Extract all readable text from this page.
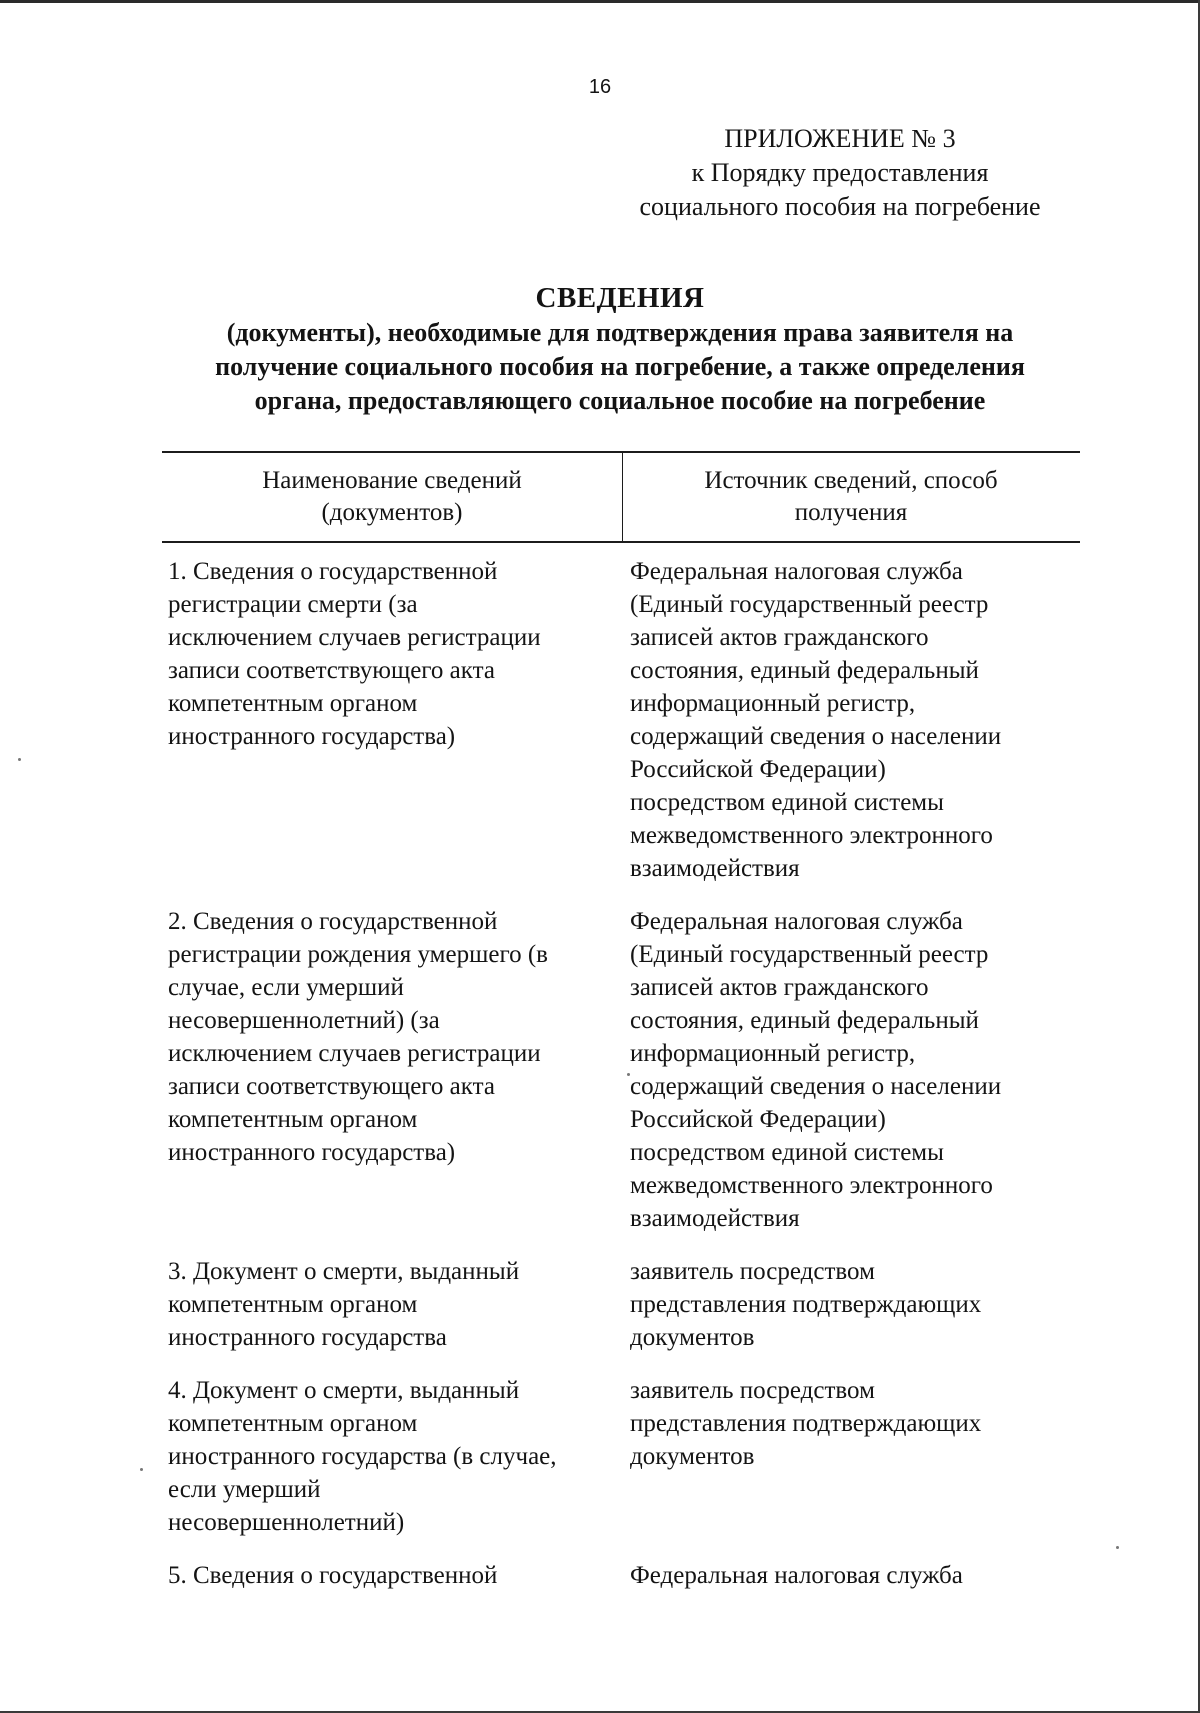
16
ПРИЛОЖЕНИЕ № 3
к Порядку предоставления
социального пособия на погребение
СВЕДЕНИЯ
(документы), необходимые для подтверждения права заявителя на
получение социального пособия на погребение, а также определения
органа, предоставляющего социальное пособие на погребение
Наименование сведений
(документов)
Источник сведений, способ
получения
1. Сведения о государственной
регистрации смерти (за
исключением случаев регистрации
записи соответствующего акта
компетентным органом
иностранного государства)
Федеральная налоговая служба
(Единый государственный реестр
записей актов гражданского
состояния, единый федеральный
информационный регистр,
содержащий сведения о населении
Российской Федерации)
посредством единой системы
межведомственного электронного
взаимодействия
2. Сведения о государственной
регистрации рождения умершего (в
случае, если умерший
несовершеннолетний) (за
исключением случаев регистрации
записи соответствующего акта
компетентным органом
иностранного государства)
Федеральная налоговая служба
(Единый государственный реестр
записей актов гражданского
состояния, единый федеральный
информационный регистр,
содержащий сведения о населении
Российской Федерации)
посредством единой системы
межведомственного электронного
взаимодействия
3. Документ о смерти, выданный
компетентным органом
иностранного государства
заявитель посредством
представления подтверждающих
документов
4. Документ о смерти, выданный
компетентным органом
иностранного государства (в случае,
если умерший
несовершеннолетний)
заявитель посредством
представления подтверждающих
документов
5. Сведения о государственной	Федеральная налоговая служба
